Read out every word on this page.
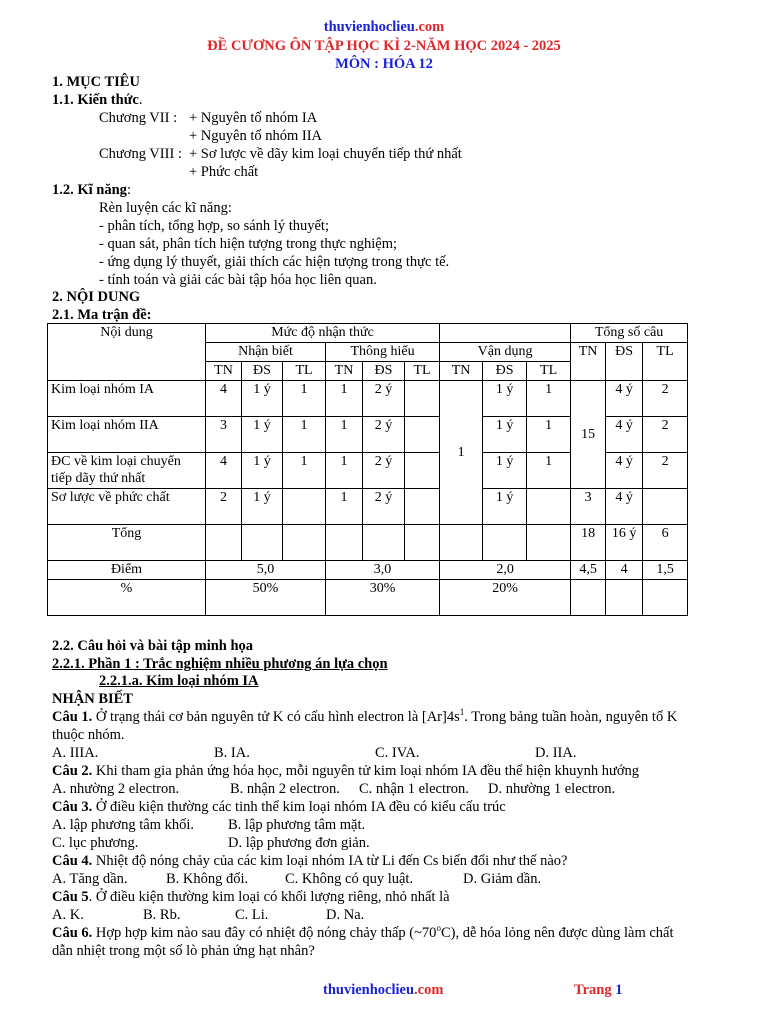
thuvienhoclieu.com
ĐỀ CƯƠNG ÔN TẬP HỌC KÌ 2-NĂM HỌC 2024 - 2025
MÔN : HÓA 12
1. MỤC TIÊU
1.1. Kiến thức.
Chương VII : + Nguyên tố nhóm IA
+ Nguyên tố nhóm IIA
Chương VIII : + Sơ lược về dãy kim loại chuyển tiếp thứ nhất
+ Phức chất
1.2. Kĩ năng:
Rèn luyện các kĩ năng:
- phân tích, tổng hợp, so sánh lý thuyết;
- quan sát, phân tích hiện tượng trong thực nghiệm;
- ứng dụng lý thuyết, giải thích các hiện tượng trong thực tế.
- tính toán và giải các bài tập hóa học liên quan.
2. NỘI DUNG
2.1. Ma trận đề:
Nội dung	Mức độ nhận thức									Tổng số câu		
	Nhận biết			Thông hiểu			Vận dụng			TN	ĐS	TL
	TN	ĐS	TL	TN	ĐS	TL	TN	ĐS	TL			
Kim loại nhóm IA	4	1 ý	1	1	2 ý		1	1 ý	1	15	4 ý	2
Kim loại nhóm IIA	3	1 ý	1	1	2 ý			1 ý	1		4 ý	2
ĐC về kim loại chuyển tiếp dãy thứ nhất	4	1 ý	1	1	2 ý			1 ý	1		4 ý	2
Sơ lược về phức chất	2	1 ý		1	2 ý			1 ý		3	4 ý	
Tổng										18	16 ý	6
Điểm	5,0			3,0			2,0			4,5	4	1,5
%	50%			30%			20%					
2.2. Câu hỏi và bài tập minh họa
2.2.1. Phần 1 : Trắc nghiệm nhiều phương án lựa chọn
2.2.1.a. Kim loại nhóm IA
NHẬN BIẾT
Câu 1. Ở trạng thái cơ bản nguyên tử K có cấu hình electron là $[Ar]4s^1$. Trong bảng tuần hoàn, nguyên tố K
thuộc nhóm.
A. IIIA.	B. IA.	C. IVA.	D. IIA.
Câu 2. Khi tham gia phản ứng hóa học, mỗi nguyên tử kim loại nhóm IA đều thể hiện khuynh hướng
A. nhường 2 electron.	B. nhận 2 electron. C. nhận 1 electron. D. nhường 1 electron.
Câu 3. Ở điều kiện thường các tinh thể kim loại nhóm IA đều có kiểu cấu trúc
A. lập phương tâm khối. B. lập phương tâm mặt.
C. lục phương.	D. lập phương đơn giản.
Câu 4. Nhiệt độ nóng chảy của các kim loại nhóm IA từ Li đến Cs biến đổi như thế nào?
A. Tăng dần.	B. Không đổi.	C. Không có quy luật.	D. Giảm dần.
Câu 5. Ở điều kiện thường kim loại có khối lượng riêng, nhỏ nhất là
A. K.	B. Rb.	C. Li.	D. Na.
Câu 6. Hợp hợp kim nào sau đây có nhiệt độ nóng chảy thấp (~70$^o$C), dễ hóa lỏng nên được dùng làm chất
dẫn nhiệt trong một số lò phản ứng hạt nhân?
thuvienhoclieu.com	Trang 1
